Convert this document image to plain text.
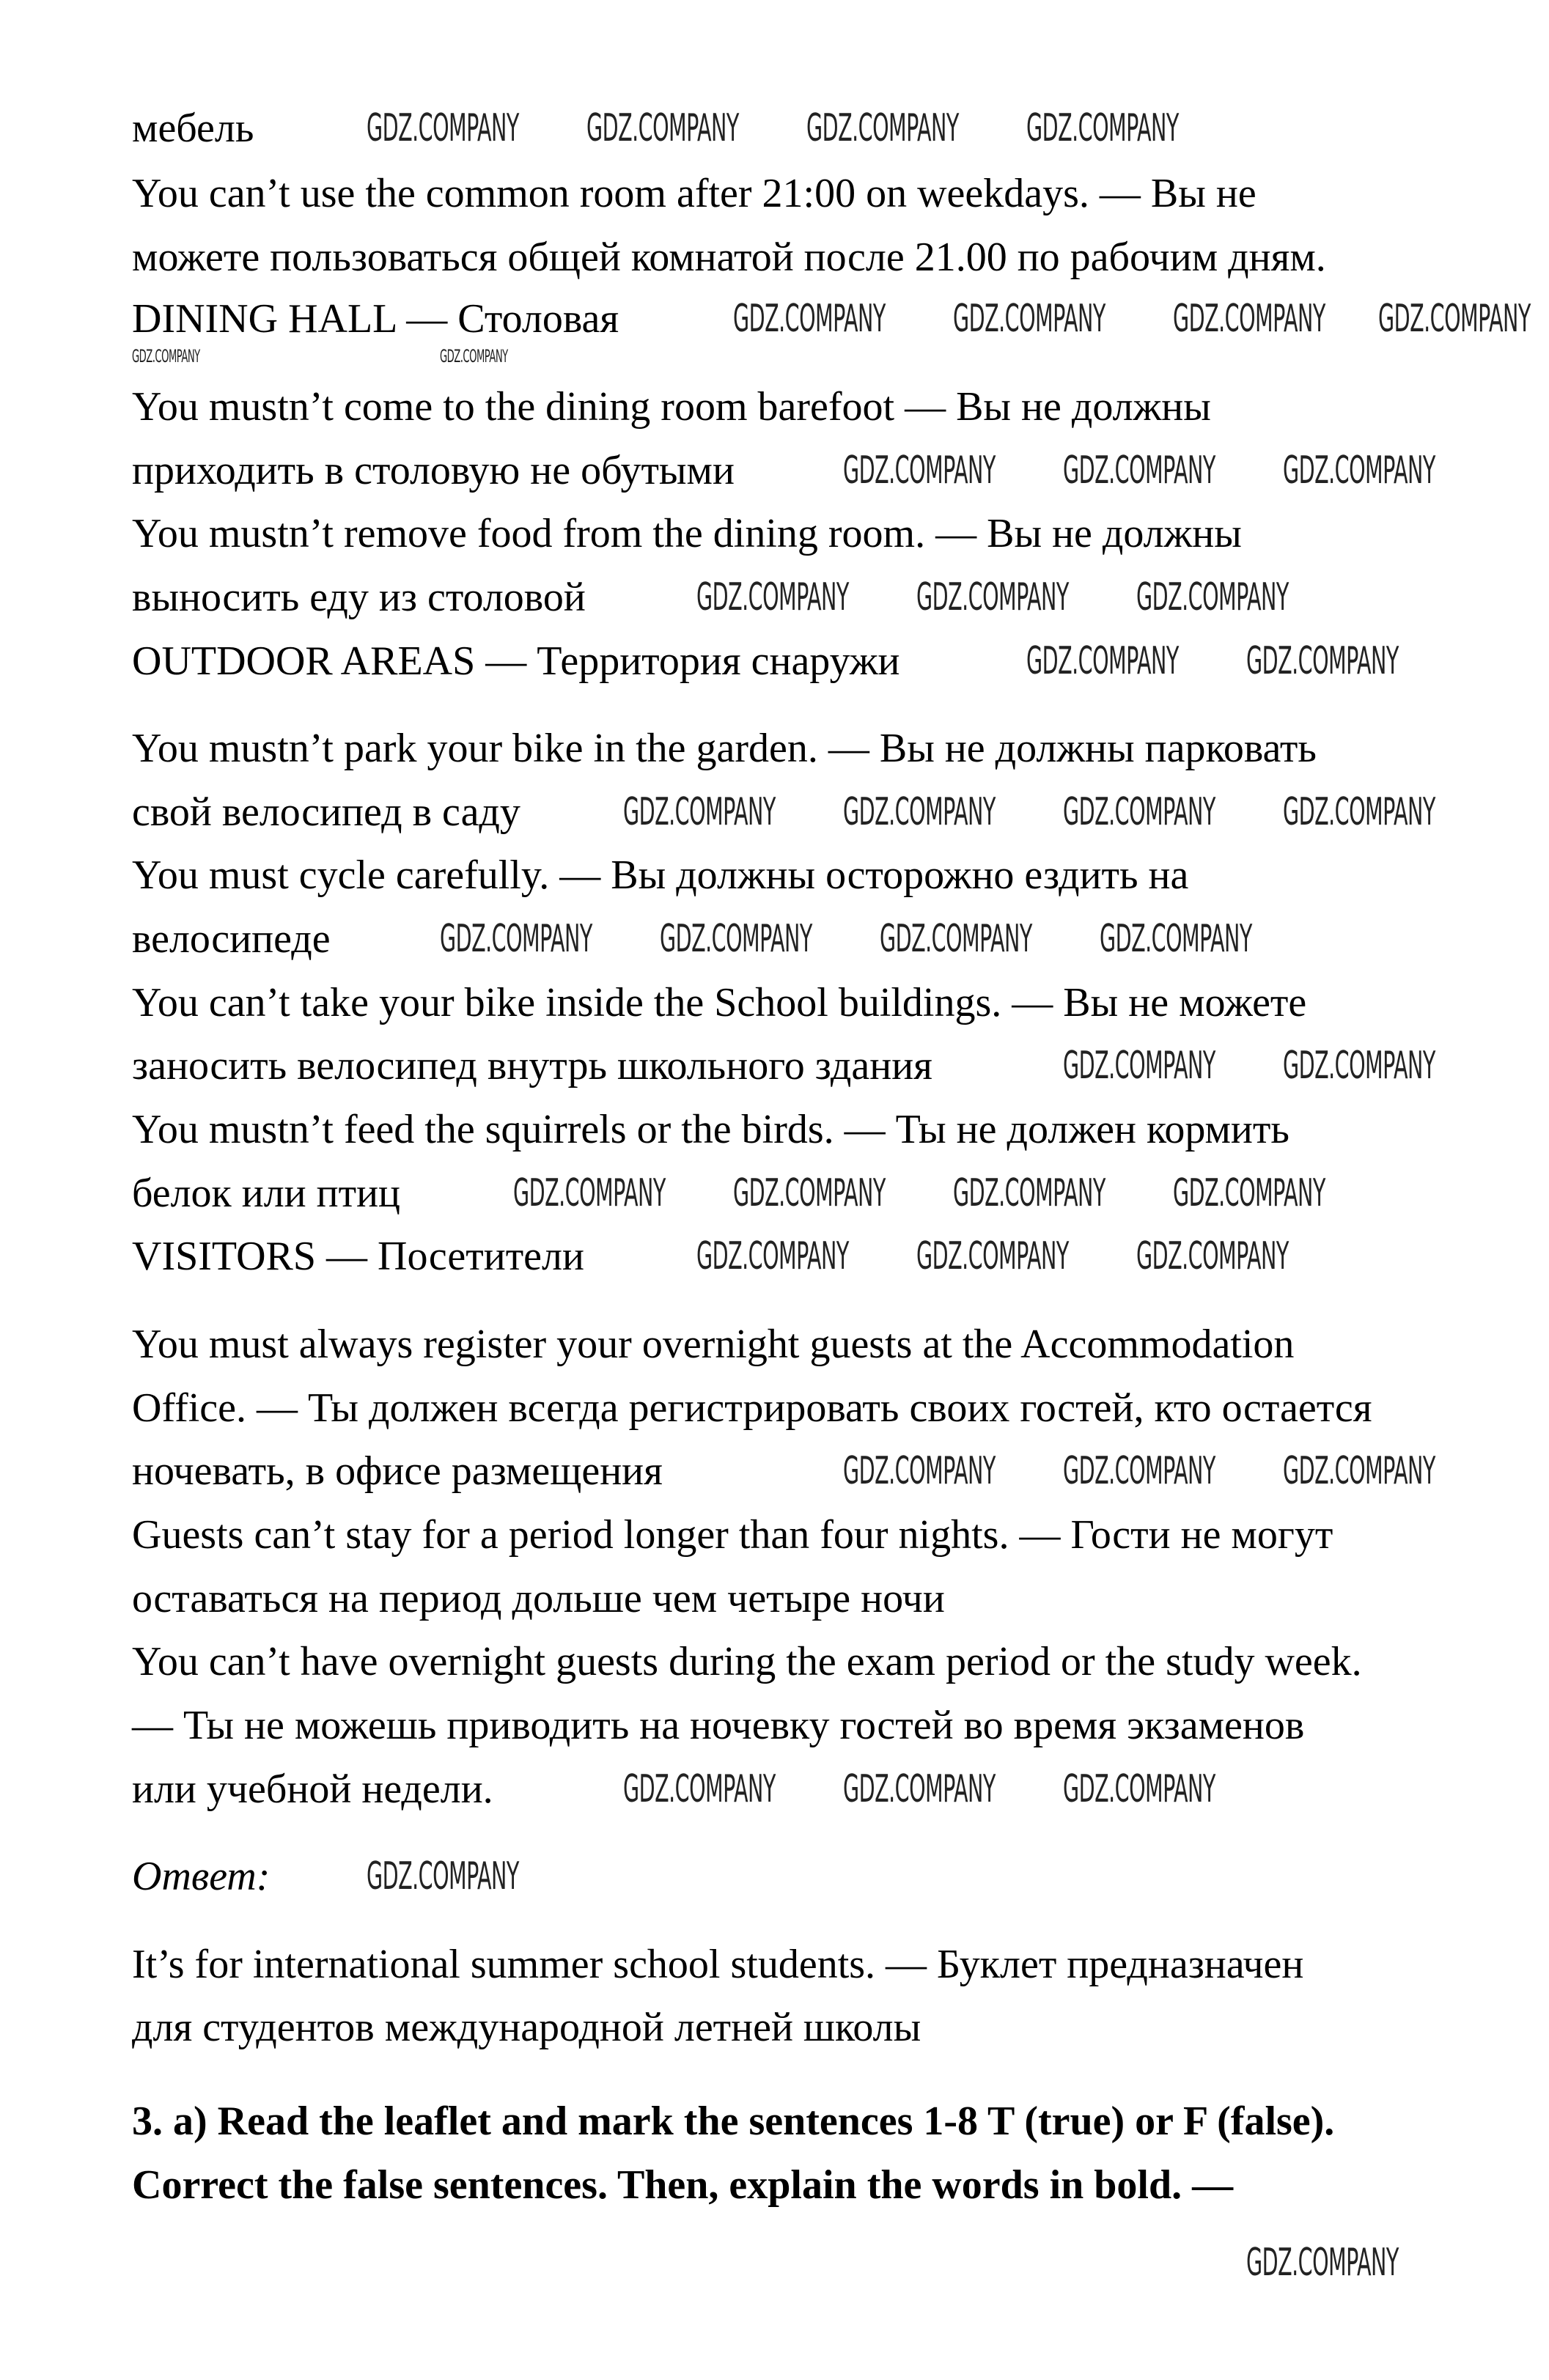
мебель
You can’t use the common room after 21:00 on weekdays. — Вы не
можете пользоваться общей комнатой после 21.00 по рабочим дням.
DINING HALL — Столовая
You mustn’t come to the dining room barefoot — Вы не должны
приходить в столовую не обутыми
You mustn’t remove food from the dining room. — Вы не должны
выносить еду из столовой
OUTDOOR AREAS — Территория снаружи
You mustn’t park your bike in the garden. — Вы не должны парковать
свой велосипед в саду
You must cycle carefully. — Вы должны осторожно ездить на
велосипеде
You can’t take your bike inside the School buildings. — Вы не можете
заносить велосипед внутрь школьного здания
You mustn’t feed the squirrels or the birds. — Ты не должен кормить
белок или птиц
VISITORS — Посетители
You must always register your overnight guests at the Accommodation
Office. — Ты должен всегда регистрировать своих гостей, кто остается
ночевать, в офисе размещения
Guests can’t stay for a period longer than four nights. — Гости не могут
оставаться на период дольше чем четыре ночи
You can’t have overnight guests during the exam period or the study week.
— Ты не можешь приводить на ночевку гостей во время экзаменов
или учебной недели.
Ответ:
It’s for international summer school students. — Буклет предназначен
для студентов международной летней школы
3. a) Read the leaflet and mark the sentences 1-8 T (true) or F (false).
Correct the false sentences. Then, explain the words in bold. —
GDZ.COMPANY GDZ.COMPANY GDZ.COMPANY GDZ.COMPANY
GDZ.COMPANY GDZ.COMPANY GDZ.COMPANY GDZ.COMPANY
GDZ.COMPANY GDZ.COMPANY GDZ.COMPANY
GDZ.COMPANY GDZ.COMPANY GDZ.COMPANY
GDZ.COMPANY GDZ.COMPANY
GDZ.COMPANY GDZ.COMPANY GDZ.COMPANY GDZ.COMPANY
GDZ.COMPANY GDZ.COMPANY GDZ.COMPANY GDZ.COMPANY
GDZ.COMPANY GDZ.COMPANY
GDZ.COMPANY GDZ.COMPANY GDZ.COMPANY GDZ.COMPANY
GDZ.COMPANY GDZ.COMPANY GDZ.COMPANY
GDZ.COMPANY GDZ.COMPANY GDZ.COMPANY
GDZ.COMPANY GDZ.COMPANY GDZ.COMPANY
GDZ.COMPANY
GDZ.COMPANY	GDZ.COMPANY
GDZ.COMPANY
